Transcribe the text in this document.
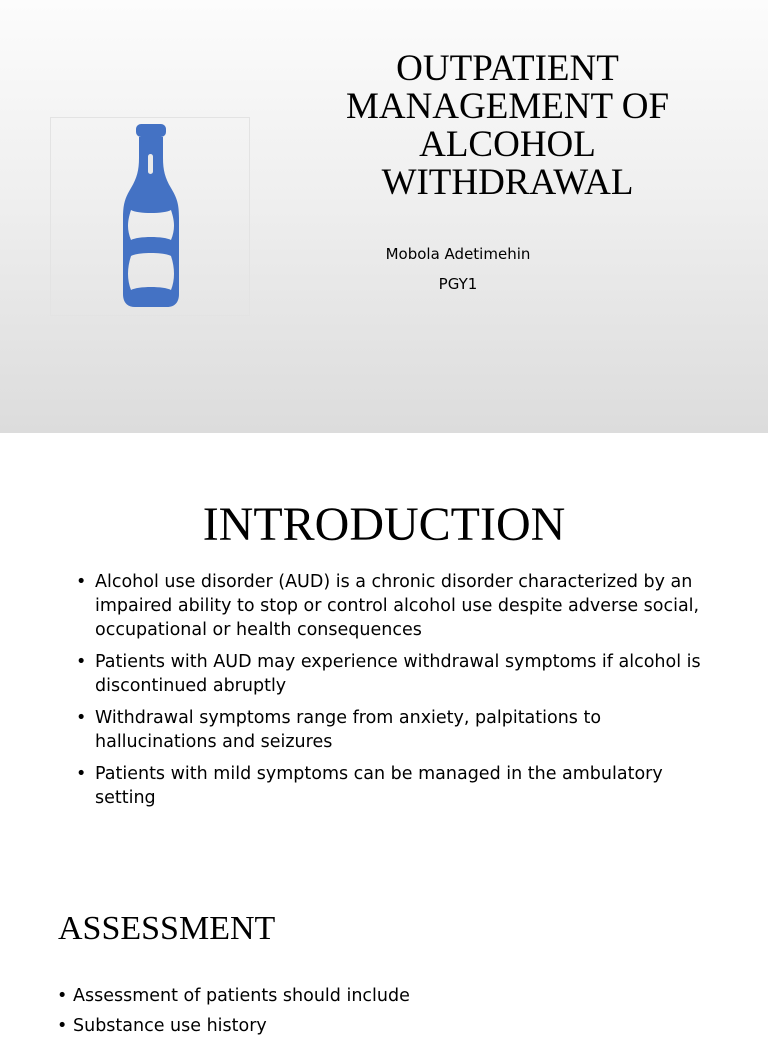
OUTPATIENT MANAGEMENT OF ALCOHOL WITHDRAWAL
Mobola Adetimehin
PGY1
INTRODUCTION
• Alcohol use disorder (AUD) is a chronic disorder characterized by an impaired ability to stop or control alcohol use despite adverse social, occupational or health consequences
• Patients with AUD may experience withdrawal symptoms if alcohol is discontinued abruptly
• Withdrawal symptoms range from anxiety, palpitations to hallucinations and seizures
• Patients with mild symptoms can be managed in the ambulatory setting
ASSESSMENT
• Assessment of patients should include
• Substance use history
